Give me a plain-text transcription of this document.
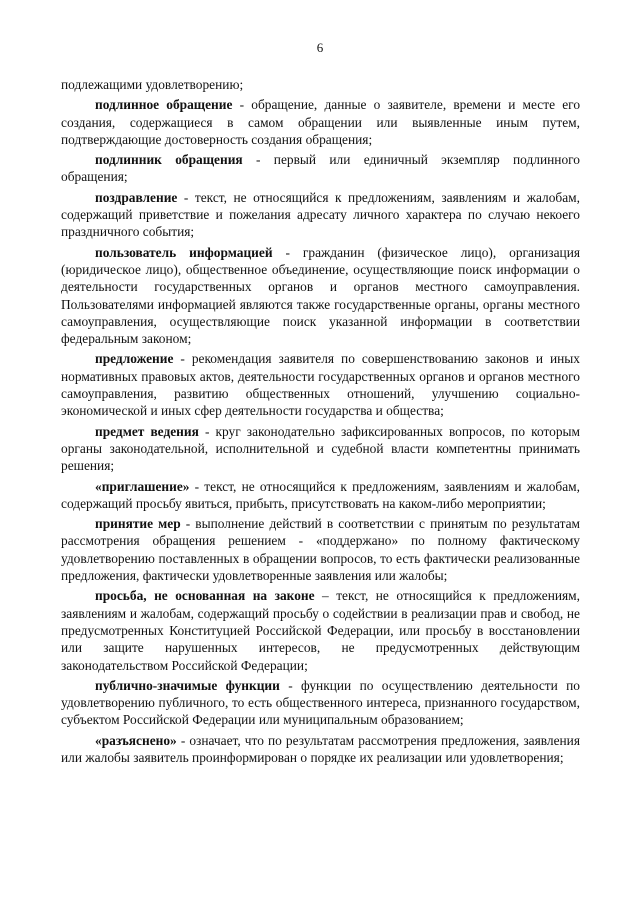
6

подлежащими удовлетворению;

подлинное обращение - обращение, данные о заявителе, времени и месте его создания, содержащиеся в самом обращении или выявленные иным путем, подтверждающие достоверность создания обращения;

подлинник обращения - первый или единичный экземпляр подлинного обращения;

поздравление - текст, не относящийся к предложениям, заявлениям и жалобам, содержащий приветствие и пожелания адресату личного характера по случаю некоего праздничного события;

пользователь информацией - гражданин (физическое лицо), организация (юридическое лицо), общественное объединение, осуществляющие поиск информации о деятельности государственных органов и органов местного самоуправления. Пользователями информацией являются также государственные органы, органы местного самоуправления, осуществляющие поиск указанной информации в соответствии федеральным законом;

предложение - рекомендация заявителя по совершенствованию законов и иных нормативных правовых актов, деятельности государственных органов и органов местного самоуправления, развитию общественных отношений, улучшению социально-экономической и иных сфер деятельности государства и общества;

предмет ведения - круг законодательно зафиксированных вопросов, по которым органы законодательной, исполнительной и судебной власти компетентны принимать решения;

«приглашение» - текст, не относящийся к предложениям, заявлениям и жалобам, содержащий просьбу явиться, прибыть, присутствовать на каком-либо мероприятии;

принятие мер - выполнение действий в соответствии с принятым по результатам рассмотрения обращения решением - «поддержано» по полному фактическому удовлетворению поставленных в обращении вопросов, то есть фактически реализованные предложения, фактически удовлетворенные заявления или жалобы;

просьба, не основанная на законе – текст, не относящийся к предложениям, заявлениям и жалобам, содержащий просьбу о содействии в реализации прав и свобод, не предусмотренных Конституцией Российской Федерации, или просьбу в восстановлении или защите нарушенных интересов, не предусмотренных действующим законодательством Российской Федерации;

публично-значимые функции - функции по осуществлению деятельности по удовлетворению публичного, то есть общественного интереса, признанного государством, субъектом Российской Федерации или муниципальным образованием;

«разъяснено» - означает, что по результатам рассмотрения предложения, заявления или жалобы заявитель проинформирован о порядке их реализации или удовлетворения;
